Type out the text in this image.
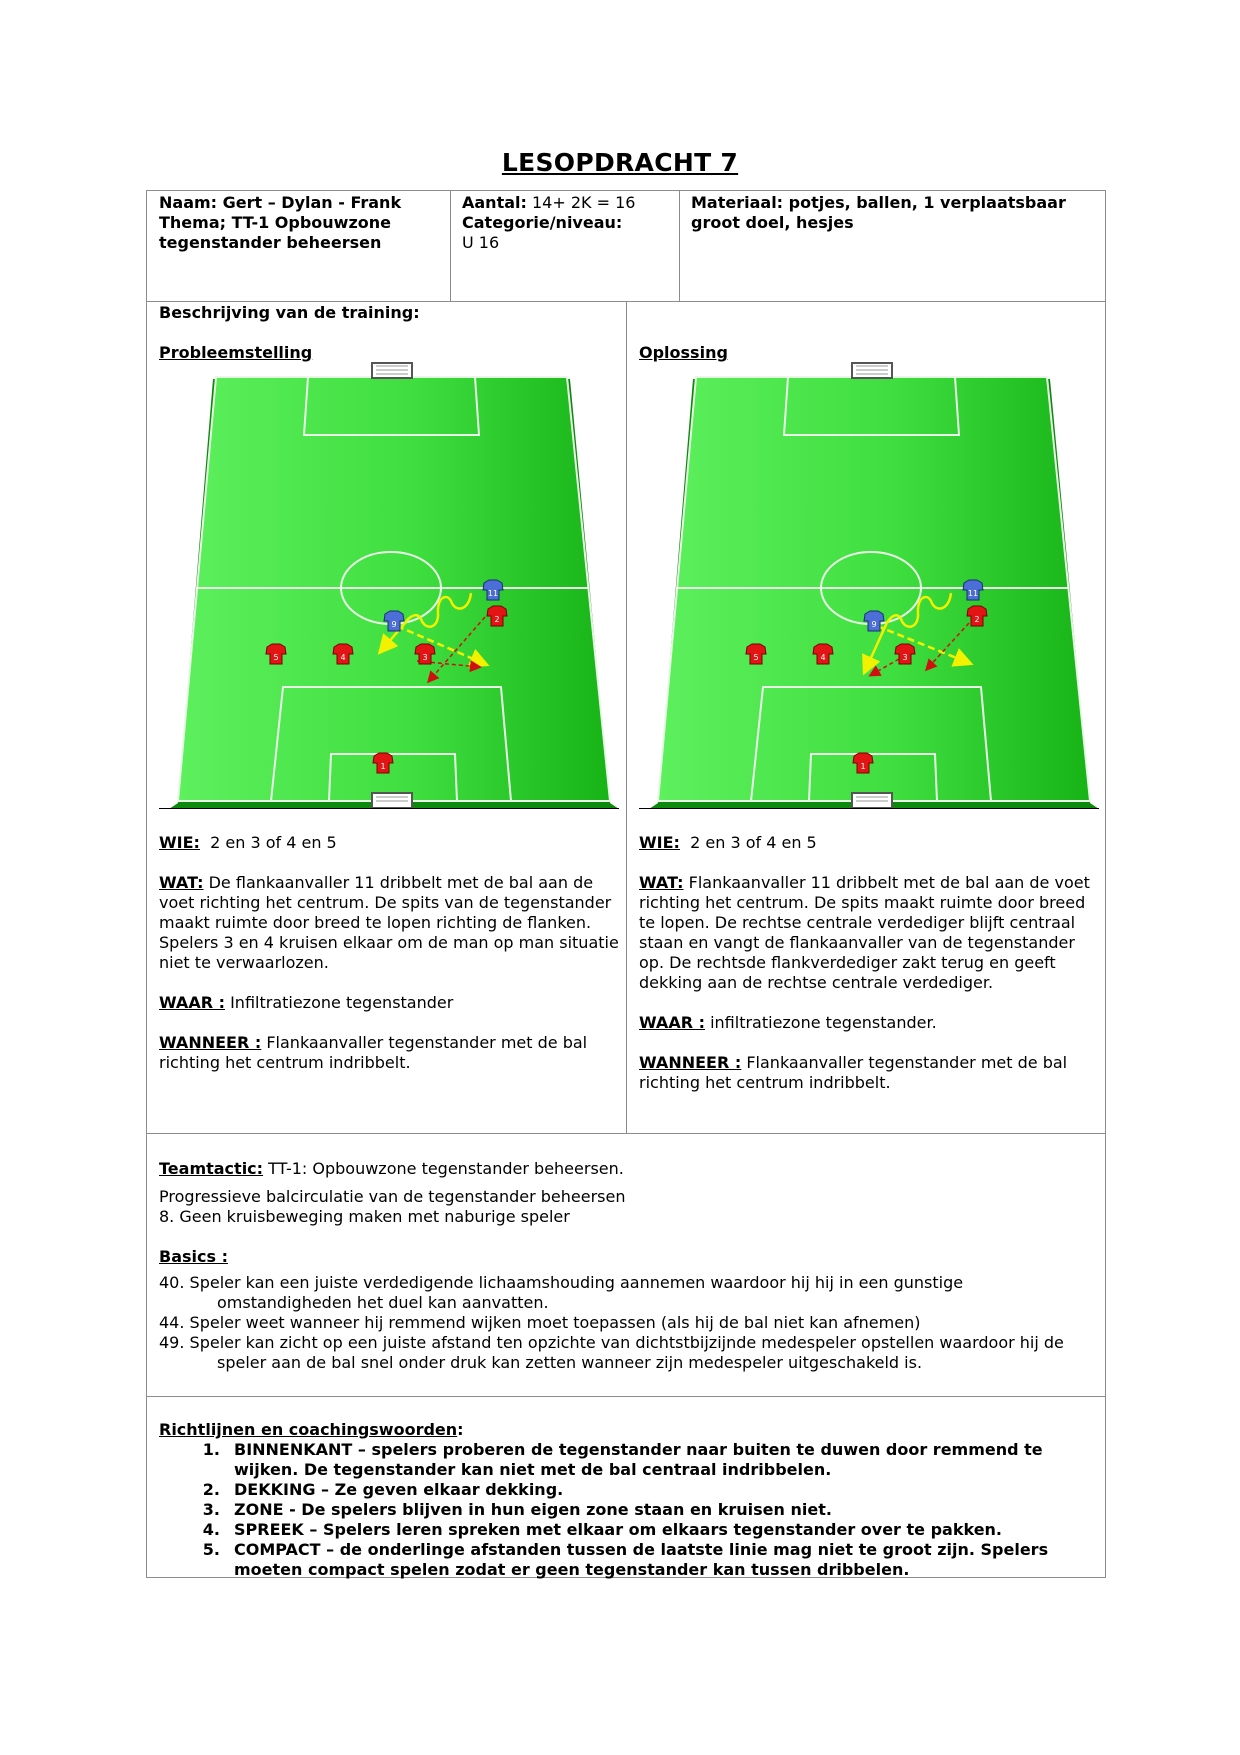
LESOPDRACHT 7
Naam: Gert – Dylan - Frank
Thema; TT-1 Opbouwzone tegenstander beheersen
Aantal: 14+ 2K = 16
Categorie/niveau:
U 16
Materiaal: potjes, ballen, 1 verplaatsbaar groot doel, hesjes
Beschrijving van de training:
Probleemstelling	Oplossing
5	4	3
2
1
9
11
5	4	3
2
1
9
11

WIE: 2 en 3 of 4 en 5

WAT: De flankaanvaller 11 dribbelt met de bal aan de voet richting het centrum. De spits van de tegenstander maakt ruimte door breed te lopen richting de flanken. Spelers 3 en 4 kruisen elkaar om de man op man situatie niet te verwaarlozen.

WAAR : Infiltratiezone tegenstander

WANNEER : Flankaanvaller tegenstander met de bal richting het centrum indribbelt.

WIE: 2 en 3 of 4 en 5

WAT: Flankaanvaller 11 dribbelt met de bal aan de voet richting het centrum. De spits maakt ruimte door breed te lopen. De rechtse centrale verdediger blijft centraal staan en vangt de flankaanvaller van de tegenstander op. De rechtsde flankverdediger zakt terug en geeft dekking aan de rechtse centrale verdediger.

WAAR : infiltratiezone tegenstander.

WANNEER : Flankaanvaller tegenstander met de bal richting het centrum indribbelt.

Teamtactic: TT-1: Opbouwzone tegenstander beheersen.

Progressieve balcirculatie van de tegenstander beheersen

8. Geen kruisbeweging maken met naburige speler

Basics :

40. Speler kan een juiste verdedigende lichaamshouding aannemen waardoor hij hij in een gunstige omstandigheden het duel kan aanvatten.

44. Speler weet wanneer hij remmend wijken moet toepassen (als hij de bal niet kan afnemen)

49. Speler kan zicht op een juiste afstand ten opzichte van dichtstbijzijnde medespeler opstellen waardoor hij de speler aan de bal snel onder druk kan zetten wanneer zijn medespeler uitgeschakeld is.

Richtlijnen en coachingswoorden:

1. BINNENKANT – spelers proberen de tegenstander naar buiten te duwen door remmend te wijken. De tegenstander kan niet met de bal centraal indribbelen.
2. DEKKING – Ze geven elkaar dekking.
3. ZONE - De spelers blijven in hun eigen zone staan en kruisen niet.
4. SPREEK – Spelers leren spreken met elkaar om elkaars tegenstander over te pakken.
5. COMPACT – de onderlinge afstanden tussen de laatste linie mag niet te groot zijn. Spelers moeten compact spelen zodat er geen tegenstander kan tussen dribbelen.
